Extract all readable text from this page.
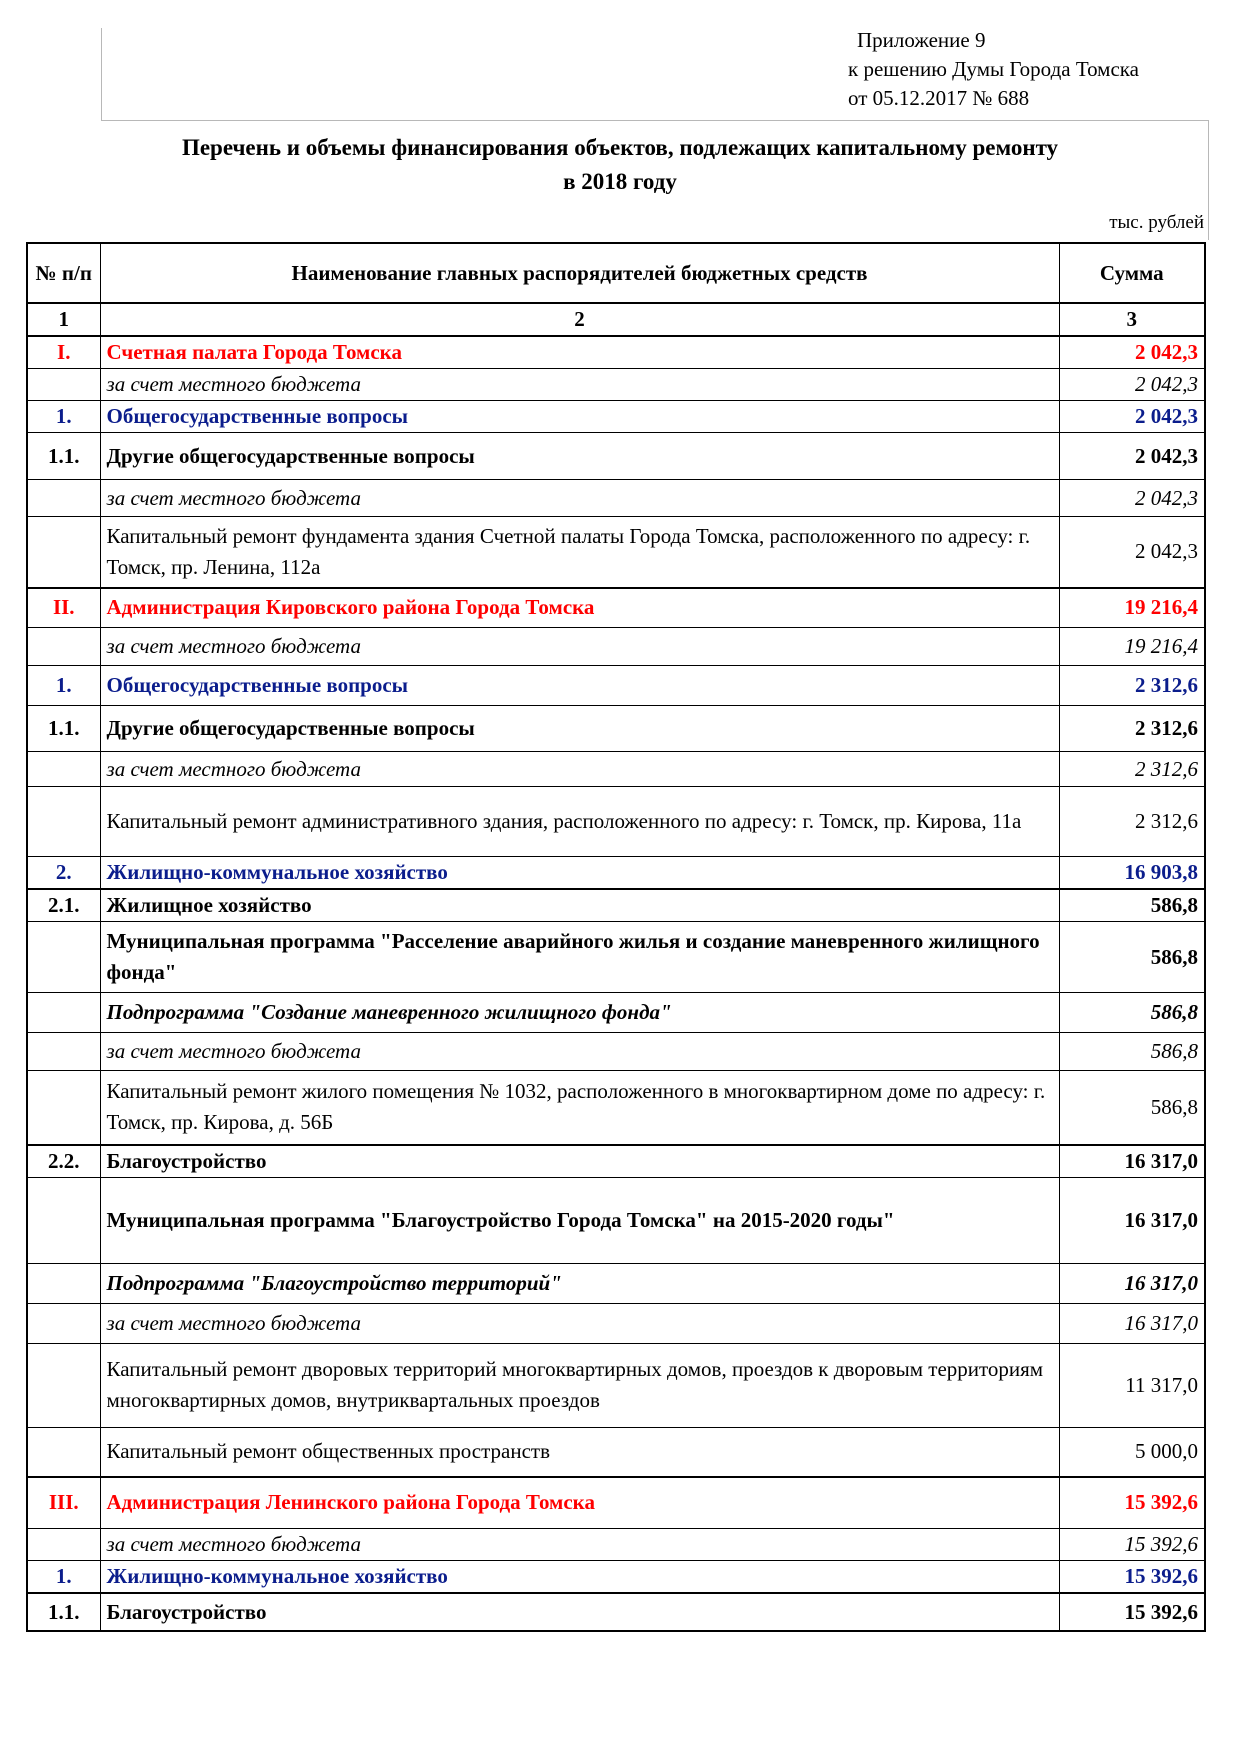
Приложение 9
к решению Думы Города Томска
от 05.12.2017 № 688
Перечень и объемы финансирования объектов, подлежащих капитальному ремонту
в 2018 году
тыс. рублей
№ п/п	Наименование главных распорядителей бюджетных средств	Сумма
1	2	3
I.	Счетная палата Города Томска	2 042,3
	за счет местного бюджета	2 042,3
1.	Общегосударственные вопросы	2 042,3
1.1.	Другие общегосударственные вопросы	2 042,3
	за счет местного бюджета	2 042,3
	Капитальный ремонт фундамента здания Счетной палаты Города Томска, расположенного по адресу: г. Томск, пр. Ленина, 112а	2 042,3
II.	Администрация Кировского района Города Томска	19 216,4
	за счет местного бюджета	19 216,4
1.	Общегосударственные вопросы	2 312,6
1.1.	Другие общегосударственные вопросы	2 312,6
	за счет местного бюджета	2 312,6
	Капитальный ремонт административного здания, расположенного по адресу: г. Томск, пр. Кирова, 11а	2 312,6
2.	Жилищно-коммунальное хозяйство	16 903,8
2.1.	Жилищное хозяйство	586,8
	Муниципальная программа "Расселение аварийного жилья и создание маневренного жилищного фонда"	586,8
	Подпрограмма "Создание маневренного жилищного фонда"	586,8
	за счет местного бюджета	586,8
	Капитальный ремонт жилого помещения № 1032, расположенного в многоквартирном доме по адресу: г. Томск, пр. Кирова, д. 56Б	586,8
2.2.	Благоустройство	16 317,0
	Муниципальная программа "Благоустройство Города Томска" на 2015-2020 годы"	16 317,0
	Подпрограмма "Благоустройство территорий"	16 317,0
	за счет местного бюджета	16 317,0
	Капитальный ремонт дворовых территорий многоквартирных домов, проездов к дворовым территориям многоквартирных домов, внутриквартальных проездов	11 317,0
	Капитальный ремонт общественных пространств	5 000,0
III.	Администрация Ленинского района Города Томска	15 392,6
	за счет местного бюджета	15 392,6
1.	Жилищно-коммунальное хозяйство	15 392,6
1.1.	Благоустройство	15 392,6
